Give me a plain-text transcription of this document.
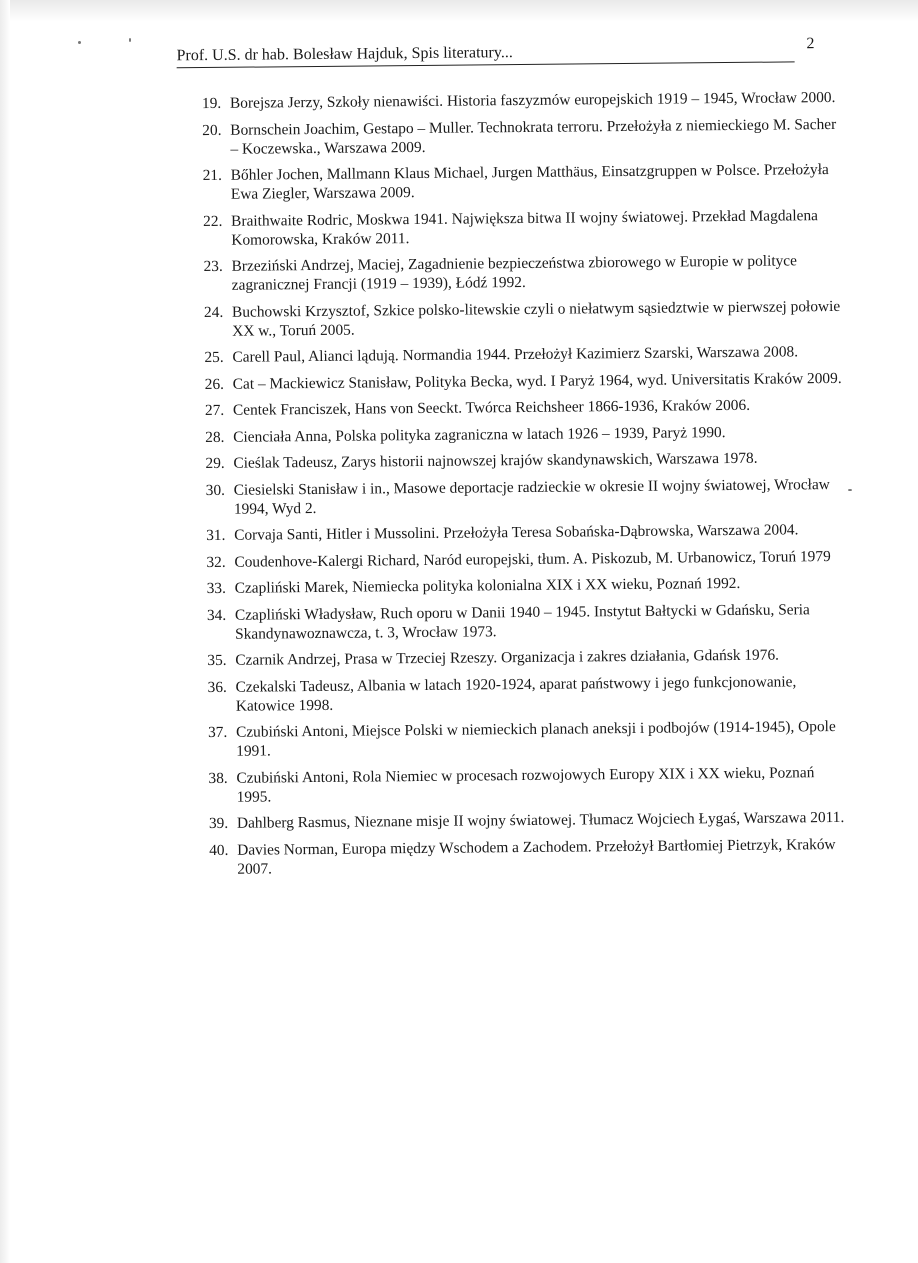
Prof. U.S. dr hab. Bolesław Hajduk, Spis literatury...
2
19. Borejsza Jerzy, Szkoły nienawiści. Historia faszyzmów europejskich 1919 – 1945, Wrocław 2000.
20. Bornschein Joachim, Gestapo – Muller. Technokrata terroru. Przełożyła z niemieckiego M. Sacher – Koczewska., Warszawa 2009.
21. Bőhler Jochen, Mallmann Klaus Michael, Jurgen Matthäus, Einsatzgruppen w Polsce. Przełożyła Ewa Ziegler, Warszawa 2009.
22. Braithwaite Rodric, Moskwa 1941. Największa bitwa II wojny światowej. Przekład Magdalena Komorowska, Kraków 2011.
23. Brzeziński Andrzej, Maciej, Zagadnienie bezpieczeństwa zbiorowego w Europie w polityce zagranicznej Francji (1919 – 1939), Łódź 1992.
24. Buchowski Krzysztof, Szkice polsko-litewskie czyli o niełatwym sąsiedztwie w pierwszej połowie XX w., Toruń 2005.
25. Carell Paul, Alianci lądują. Normandia 1944. Przełożył Kazimierz Szarski, Warszawa 2008.
26. Cat – Mackiewicz Stanisław, Polityka Becka, wyd. I Paryż 1964, wyd. Universitatis Kraków 2009.
27. Centek Franciszek, Hans von Seeckt. Twórca Reichsheer 1866-1936, Kraków 2006.
28. Cienciała Anna, Polska polityka zagraniczna w latach 1926 – 1939, Paryż 1990.
29. Cieślak Tadeusz, Zarys historii najnowszej krajów skandynawskich, Warszawa 1978.
30. Ciesielski Stanisław i in., Masowe deportacje radzieckie w okresie II wojny światowej, Wrocław 1994, Wyd 2.
31. Corvaja Santi, Hitler i Mussolini. Przełożyła Teresa Sobańska-Dąbrowska, Warszawa 2004.
32. Coudenhove-Kalergi Richard, Naród europejski, tłum. A. Piskozub, M. Urbanowicz, Toruń 1979
33. Czapliński Marek, Niemiecka polityka kolonialna XIX i XX wieku, Poznań 1992.
34. Czapliński Władysław, Ruch oporu w Danii 1940 – 1945. Instytut Bałtycki w Gdańsku, Seria Skandynawoznawcza, t. 3, Wrocław 1973.
35. Czarnik Andrzej, Prasa w Trzeciej Rzeszy. Organizacja i zakres działania, Gdańsk 1976.
36. Czekalski Tadeusz, Albania w latach 1920-1924, aparat państwowy i jego funkcjonowanie, Katowice 1998.
37. Czubiński Antoni, Miejsce Polski w niemieckich planach aneksji i podbojów (1914-1945), Opole 1991.
38. Czubiński Antoni, Rola Niemiec w procesach rozwojowych Europy XIX i XX wieku, Poznań 1995.
39. Dahlberg Rasmus, Nieznane misje II wojny światowej. Tłumacz Wojciech Łygaś, Warszawa 2011.
40. Davies Norman, Europa między Wschodem a Zachodem. Przełożył Bartłomiej Pietrzyk, Kraków 2007.
